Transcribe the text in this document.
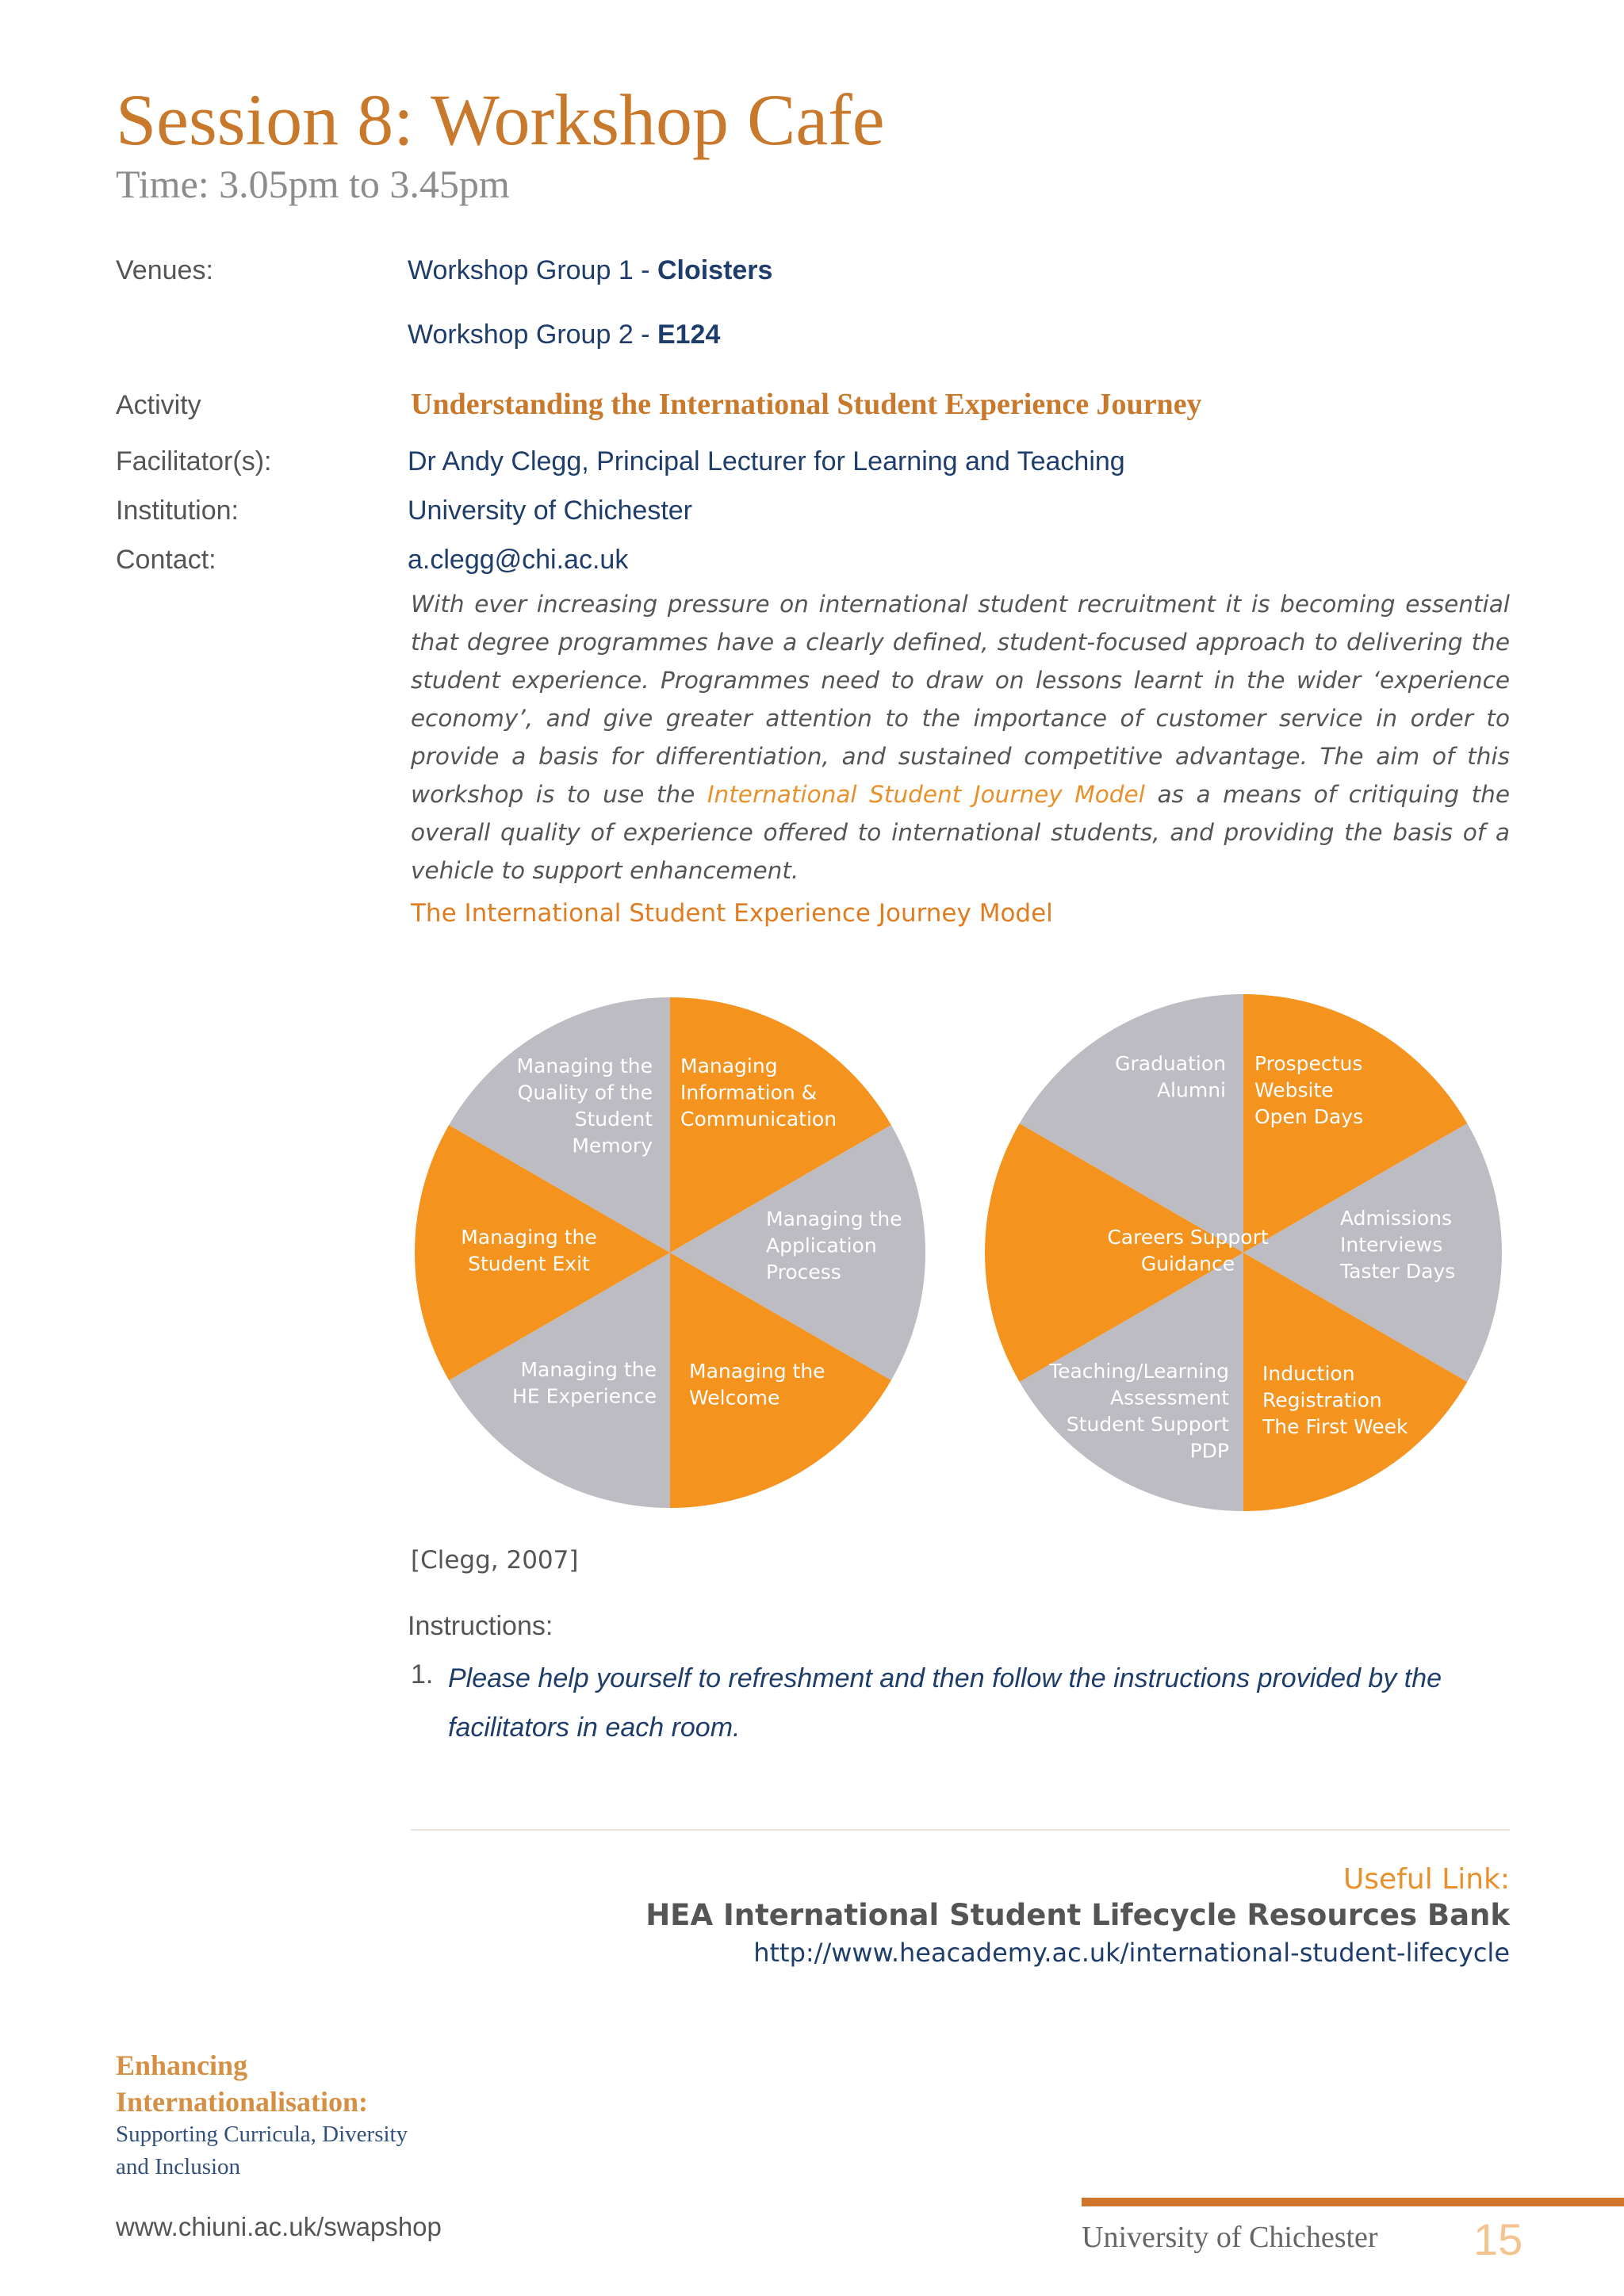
Session 8: Workshop Cafe
Time: 3.05pm to 3.45pm
Venues:	Workshop Group 1 - Cloisters
Workshop Group 2 - E124
Activity	Understanding the International Student Experience Journey
Facilitator(s):	Dr Andy Clegg, Principal Lecturer for Learning and Teaching
Institution:	University of Chichester
Contact:	a.clegg@chi.ac.uk
With ever increasing pressure on international student recruitment it is becoming essential that degree programmes have a clearly defined, student-focused approach to delivering the student experience. Programmes need to draw on lessons learnt in the wider ‘experience economy’, and give greater attention to the importance of customer service in order to provide a basis for differentiation, and sustained competitive advantage. The aim of this workshop is to use the International Student Journey Model as a means of critiquing the overall quality of experience offered to international students, and providing the basis of a vehicle to support enhancement.
The International Student Experience Journey Model
Managing Information & Communication
Managing the Application Process
Managing the Welcome
Managing the HE Experience
Managing the Student Exit
Managing the Quality of the Student Memory
Prospectus Website Open Days
Admissions Interviews Taster Days
Induction Registration The First Week
Teaching/Learning Assessment Student Support PDP
Careers Support Guidance
Graduation Alumni
[Clegg, 2007]
Instructions:
1. Please help yourself to refreshment and then follow the instructions provided by the facilitators in each room.
Useful Link:
HEA International Student Lifecycle Resources Bank
http://www.heacademy.ac.uk/international-student-lifecycle
Enhancing
Internationalisation:
Supporting Curricula, Diversity
and Inclusion
www.chiuni.ac.uk/swapshop	University of Chichester 15
